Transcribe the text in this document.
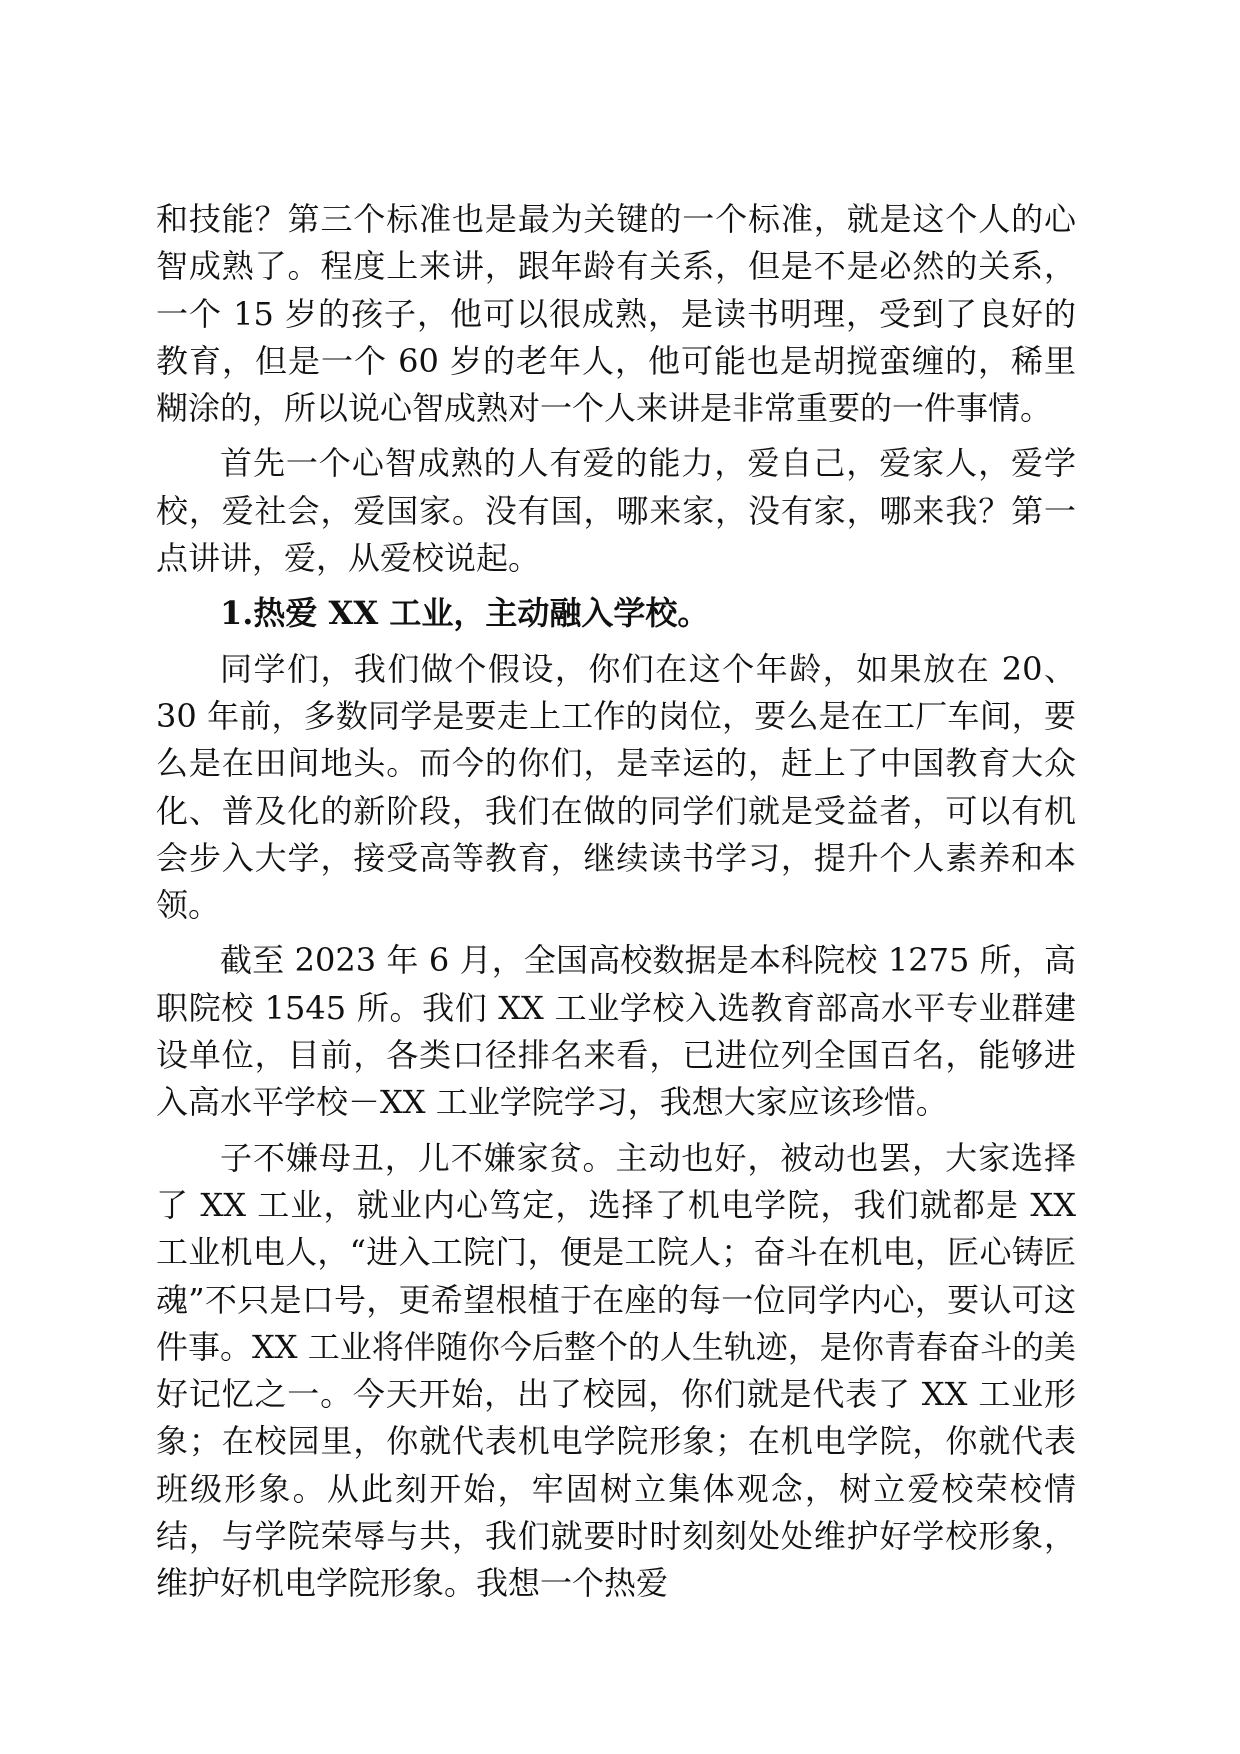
和技能？第三个标准也是最为关键的一个标准，就是这个人的心智成熟了。程度上来讲，跟年龄有关系，但是不是必然的关系，一个 15 岁的孩子，他可以很成熟，是读书明理，受到了良好的教育，但是一个 60 岁的老年人，他可能也是胡搅蛮缠的，稀里糊涂的，所以说心智成熟对一个人来讲是非常重要的一件事情。

首先一个心智成熟的人有爱的能力，爱自己，爱家人，爱学校，爱社会，爱国家。没有国，哪来家，没有家，哪来我？第一点讲讲，爱，从爱校说起。

1.热爱 XX 工业，主动融入学校。

同学们，我们做个假设，你们在这个年龄，如果放在 20、30 年前，多数同学是要走上工作的岗位，要么是在工厂车间，要么是在田间地头。而今的你们，是幸运的，赶上了中国教育大众化、普及化的新阶段，我们在做的同学们就是受益者，可以有机会步入大学，接受高等教育，继续读书学习，提升个人素养和本领。

截至 2023 年 6 月，全国高校数据是本科院校 1275 所，高职院校 1545 所。我们 XX 工业学校入选教育部高水平专业群建设单位，目前，各类口径排名来看，已进位列全国百名，能够进入高水平学校－XX 工业学院学习，我想大家应该珍惜。

子不嫌母丑，儿不嫌家贫。主动也好，被动也罢，大家选择了 XX 工业，就业内心笃定，选择了机电学院，我们就都是 XX 工业机电人，“进入工院门，便是工院人；奋斗在机电，匠心铸匠魂”不只是口号，更希望根植于在座的每一位同学内心，要认可这件事。XX 工业将伴随你今后整个的人生轨迹，是你青春奋斗的美好记忆之一。今天开始，出了校园，你们就是代表了 XX 工业形象；在校园里，你就代表机电学院形象；在机电学院，你就代表班级形象。从此刻开始，牢固树立集体观念，树立爱校荣校情结，与学院荣辱与共，我们就要时时刻刻处处维护好学校形象，维护好机电学院形象。我想一个热爱
